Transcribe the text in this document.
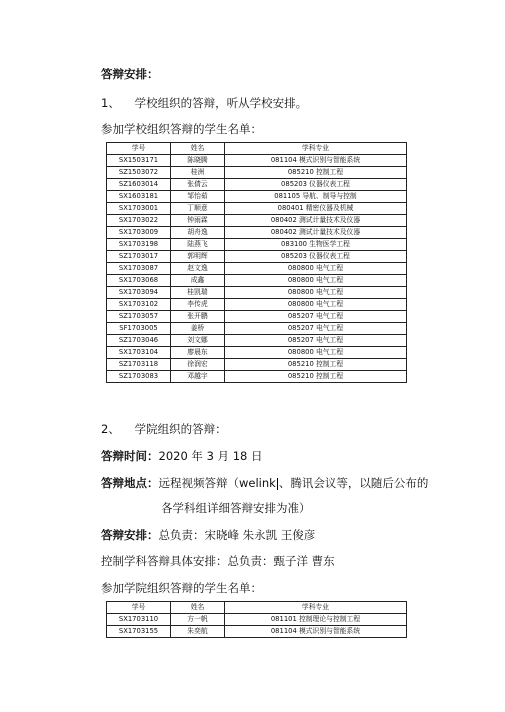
答辩安排：
1、 学校组织的答辩，听从学校安排。
参加学校组织答辩的学生名单：
学号	姓名	学科专业
SX1503171	陈晓腾	081104 模式识别与智能系统
SZ1503072	桂洲	085210 控制工程
SZ1603014	张倩云	085203 仪器仪表工程
SX1603181	邹怡茹	081105 导航、制导与控制
SX1703001	丁顺意	080401 精密仪器及机械
SX1703022	钟雨霖	080402 测试计量技术及仪器
SX1703009	胡舟逸	080402 测试计量技术及仪器
SX1703198	陆燕飞	083100 生物医学工程
SZ1703017	郭明辉	085203 仪器仪表工程
SX1703087	赵文逸	080800 电气工程
SX1703068	成鑫	080800 电气工程
SX1703094	桂凯瑞	080800 电气工程
SX1703102	李传虎	080800 电气工程
SZ1703057	张开鹏	085207 电气工程
SF1703005	姜桥	085207 电气工程
SZ1703046	刘文娜	085207 电气工程
SX1703104	廖晨东	080800 电气工程
SZ1703118	徐润宏	085210 控制工程
SZ1703083	邓越宇	085210 控制工程
2、 学院组织的答辩：
答辩时间：2020 年 3 月 18 日
答辩地点：远程视频答辩（welink 、腾讯会议等，以随后公布的
各学科组详细答辩安排为准）
答辩安排：总负责：宋晓峰 朱永凯 王俊彦
控制学科答辩具体安排：总负责：甄子洋 曹东
参加学院组织答辩的学生名单：
学号	姓名	学科专业
SX1703110	方一帆	081101 控制理论与控制工程
SX1703155	朱奕航	081104 模式识别与智能系统
